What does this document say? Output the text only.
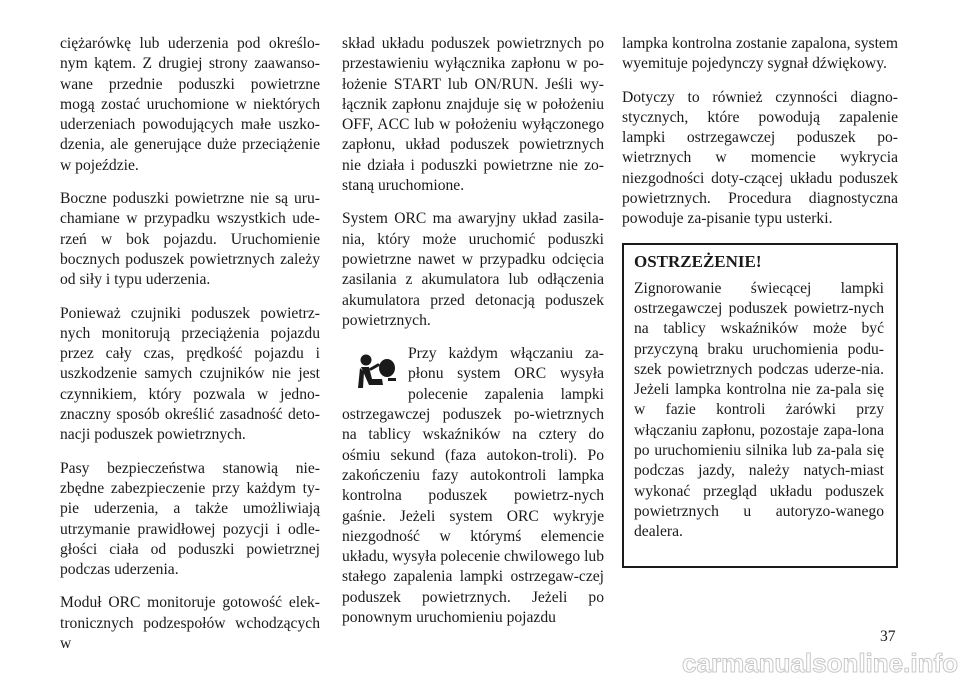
ciężarówkę lub uderzenia pod określo-nym kątem. Z drugiej strony zaawanso-wane przednie poduszki powietrzne mogą zostać uruchomione w niektórych uderzeniach powodujących małe uszko-dzenia, ale generujące duże przeciążenie w pojeździe.

Boczne poduszki powietrzne nie są uru-chamiane w przypadku wszystkich ude-rzeń w bok pojazdu. Uruchomienie bocznych poduszek powietrznych zależy od siły i typu uderzenia.

Ponieważ czujniki poduszek powietrz-nych monitorują przeciążenia pojazdu przez cały czas, prędkość pojazdu i uszkodzenie samych czujników nie jest czynnikiem, który pozwala w jedno-znaczny sposób określić zasadność deto-nacji poduszek powietrznych.

Pasy bezpieczeństwa stanowią nie-zbędne zabezpieczenie przy każdym ty-pie uderzenia, a także umożliwiają utrzymanie prawidłowej pozycji i odle-głości ciała od poduszki powietrznej podczas uderzenia.

Moduł ORC monitoruje gotowość elek-tronicznych podzespołów wchodzących w

skład układu poduszek powietrznych po przestawieniu wyłącznika zapłonu w po-łożenie START lub ON/RUN. Jeśli wy-łącznik zapłonu znajduje się w położeniu OFF, ACC lub w położeniu wyłączonego zapłonu, układ poduszek powietrznych nie działa i poduszki powietrzne nie zo-staną uruchomione.

System ORC ma awaryjny układ zasila-nia, który może uruchomić poduszki powietrzne nawet w przypadku odcięcia zasilania z akumulatora lub odłączenia akumulatora przed detonacją poduszek powietrznych.

Przy każdym włączaniu za-płonu system ORC wysyła polecenie zapalenia lampki ostrzegawczej poduszek po-wietrznych na tablicy wskaźników na cztery do ośmiu sekund (faza autokon-troli). Po zakończeniu fazy autokontroli lampka kontrolna poduszek powietrz-nych gaśnie. Jeżeli system ORC wykryje niezgodność w którymś elemencie układu, wysyła polecenie chwilowego lub stałego zapalenia lampki ostrzegaw-czej poduszek powietrznych. Jeżeli po ponownym uruchomieniu pojazdu

lampka kontrolna zostanie zapalona, system wyemituje pojedynczy sygnał dźwiękowy.

Dotyczy to również czynności diagno-stycznych, które powodują zapalenie lampki ostrzegawczej poduszek po-wietrznych w momencie wykrycia niezgodności doty-czącej układu poduszek powietrznych. Procedura diagnostyczna powoduje za-pisanie typu usterki.

OSTRZEŻENIE!

Zignorowanie świecącej lampki ostrzegawczej poduszek powietrz-nych na tablicy wskaźników może być przyczyną braku uruchomienia podu-szek powietrznych podczas uderze-nia. Jeżeli lampka kontrolna nie za-pala się w fazie kontroli żarówki przy włączaniu zapłonu, pozostaje zapa-lona po uruchomieniu silnika lub za-pala się podczas jazdy, należy natych-miast wykonać przegląd układu poduszek powietrznych u autoryzo-wanego dealera.

37
carmanualsonline.info
